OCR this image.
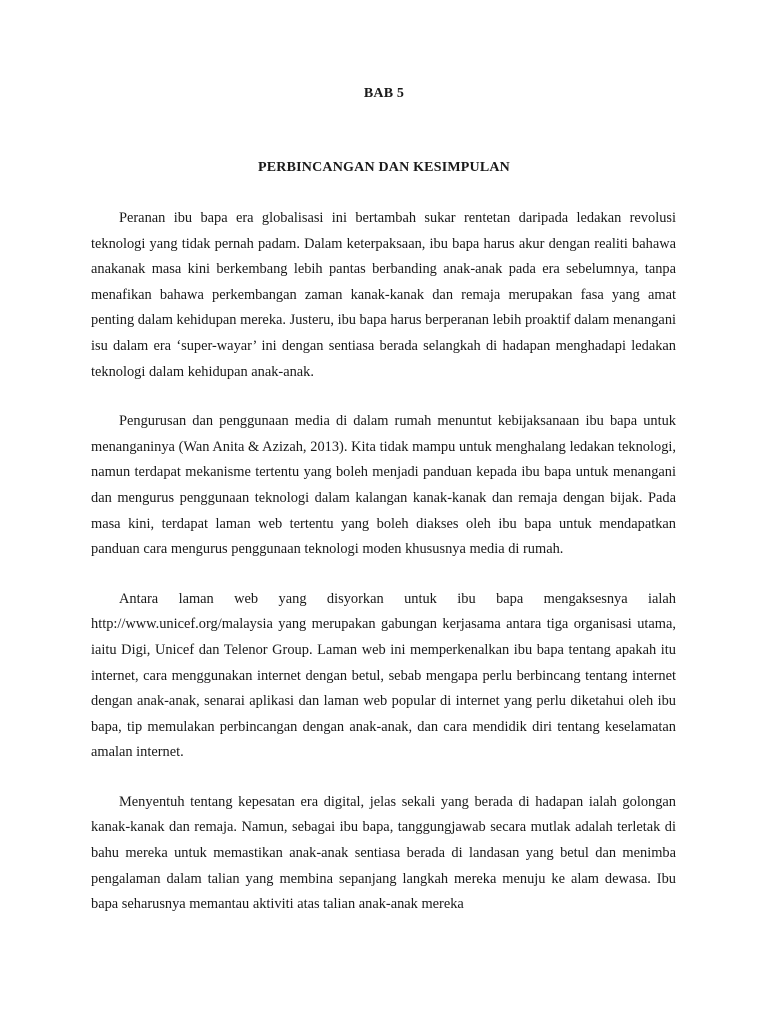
BAB 5
PERBINCANGAN DAN KESIMPULAN

Peranan ibu bapa era globalisasi ini bertambah sukar rentetan daripada ledakan revolusi teknologi yang tidak pernah padam. Dalam keterpaksaan, ibu bapa harus akur dengan realiti bahawa anakanak masa kini berkembang lebih pantas berbanding anak-anak pada era sebelumnya, tanpa menafikan bahawa perkembangan zaman kanak-kanak dan remaja merupakan fasa yang amat penting dalam kehidupan mereka. Justeru, ibu bapa harus berperanan lebih proaktif dalam menangani isu dalam era ‘super-wayar’ ini dengan sentiasa berada selangkah di hadapan menghadapi ledakan teknologi dalam kehidupan anak-anak.

Pengurusan dan penggunaan media di dalam rumah menuntut kebijaksanaan ibu bapa untuk menanganinya (Wan Anita & Azizah, 2013). Kita tidak mampu untuk menghalang ledakan teknologi, namun terdapat mekanisme tertentu yang boleh menjadi panduan kepada ibu bapa untuk menangani dan mengurus penggunaan teknologi dalam kalangan kanak-kanak dan remaja dengan bijak. Pada masa kini, terdapat laman web tertentu yang boleh diakses oleh ibu bapa untuk mendapatkan panduan cara mengurus penggunaan teknologi moden khususnya media di rumah.

Antara laman web yang disyorkan untuk ibu bapa mengaksesnya ialah http://www.unicef.org/malaysia yang merupakan gabungan kerjasama antara tiga organisasi utama, iaitu Digi, Unicef dan Telenor Group. Laman web ini memperkenalkan ibu bapa tentang apakah itu internet, cara menggunakan internet dengan betul, sebab mengapa perlu berbincang tentang internet dengan anak-anak, senarai aplikasi dan laman web popular di internet yang perlu diketahui oleh ibu bapa, tip memulakan perbincangan dengan anak-anak, dan cara mendidik diri tentang keselamatan amalan internet.

Menyentuh tentang kepesatan era digital, jelas sekali yang berada di hadapan ialah golongan kanak-kanak dan remaja. Namun, sebagai ibu bapa, tanggungjawab secara mutlak adalah terletak di bahu mereka untuk memastikan anak-anak sentiasa berada di landasan yang betul dan menimba pengalaman dalam talian yang membina sepanjang langkah mereka menuju ke alam dewasa. Ibu bapa seharusnya memantau aktiviti atas talian anak-anak mereka
